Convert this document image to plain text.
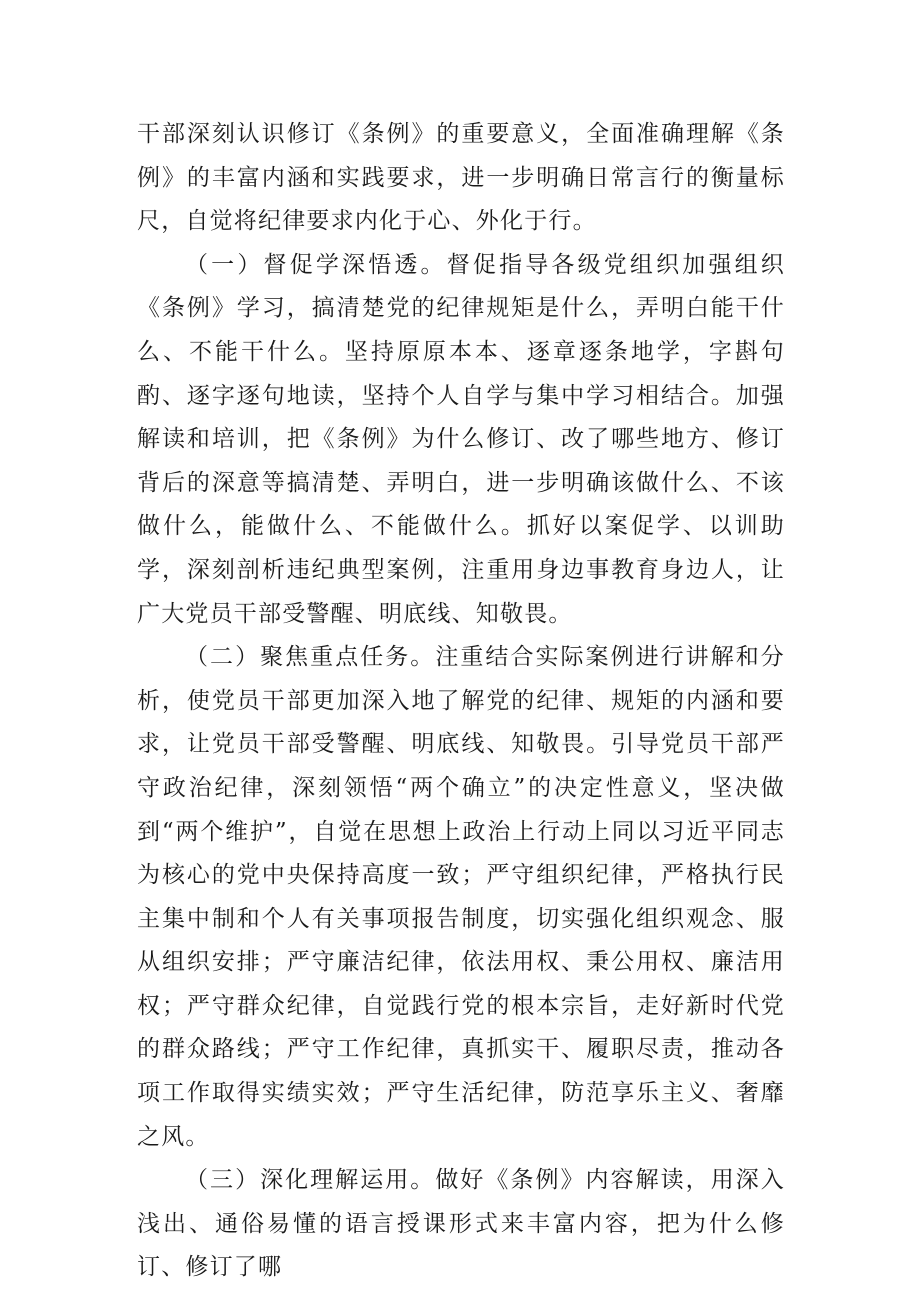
干部深刻认识修订《条例》的重要意义，全面准确理解《条例》的丰富内涵和实践要求，进一步明确日常言行的衡量标尺，自觉将纪律要求内化于心、外化于行。

（一）督促学深悟透。督促指导各级党组织加强组织《条例》学习，搞清楚党的纪律规矩是什么，弄明白能干什么、不能干什么。坚持原原本本、逐章逐条地学，字斟句酌、逐字逐句地读，坚持个人自学与集中学习相结合。加强解读和培训，把《条例》为什么修订、改了哪些地方、修订背后的深意等搞清楚、弄明白，进一步明确该做什么、不该做什么，能做什么、不能做什么。抓好以案促学、以训助学，深刻剖析违纪典型案例，注重用身边事教育身边人，让广大党员干部受警醒、明底线、知敬畏。

（二）聚焦重点任务。注重结合实际案例进行讲解和分析，使党员干部更加深入地了解党的纪律、规矩的内涵和要求，让党员干部受警醒、明底线、知敬畏。引导党员干部严守政治纪律，深刻领悟“两个确立”的决定性意义，坚决做到“两个维护”，自觉在思想上政治上行动上同以习近平同志为核心的党中央保持高度一致；严守组织纪律，严格执行民主集中制和个人有关事项报告制度，切实强化组织观念、服从组织安排；严守廉洁纪律，依法用权、秉公用权、廉洁用权；严守群众纪律，自觉践行党的根本宗旨，走好新时代党的群众路线；严守工作纪律，真抓实干、履职尽责，推动各项工作取得实绩实效；严守生活纪律，防范享乐主义、奢靡之风。

（三）深化理解运用。做好《条例》内容解读，用深入浅出、通俗易懂的语言授课形式来丰富内容，把为什么修订、修订了哪
